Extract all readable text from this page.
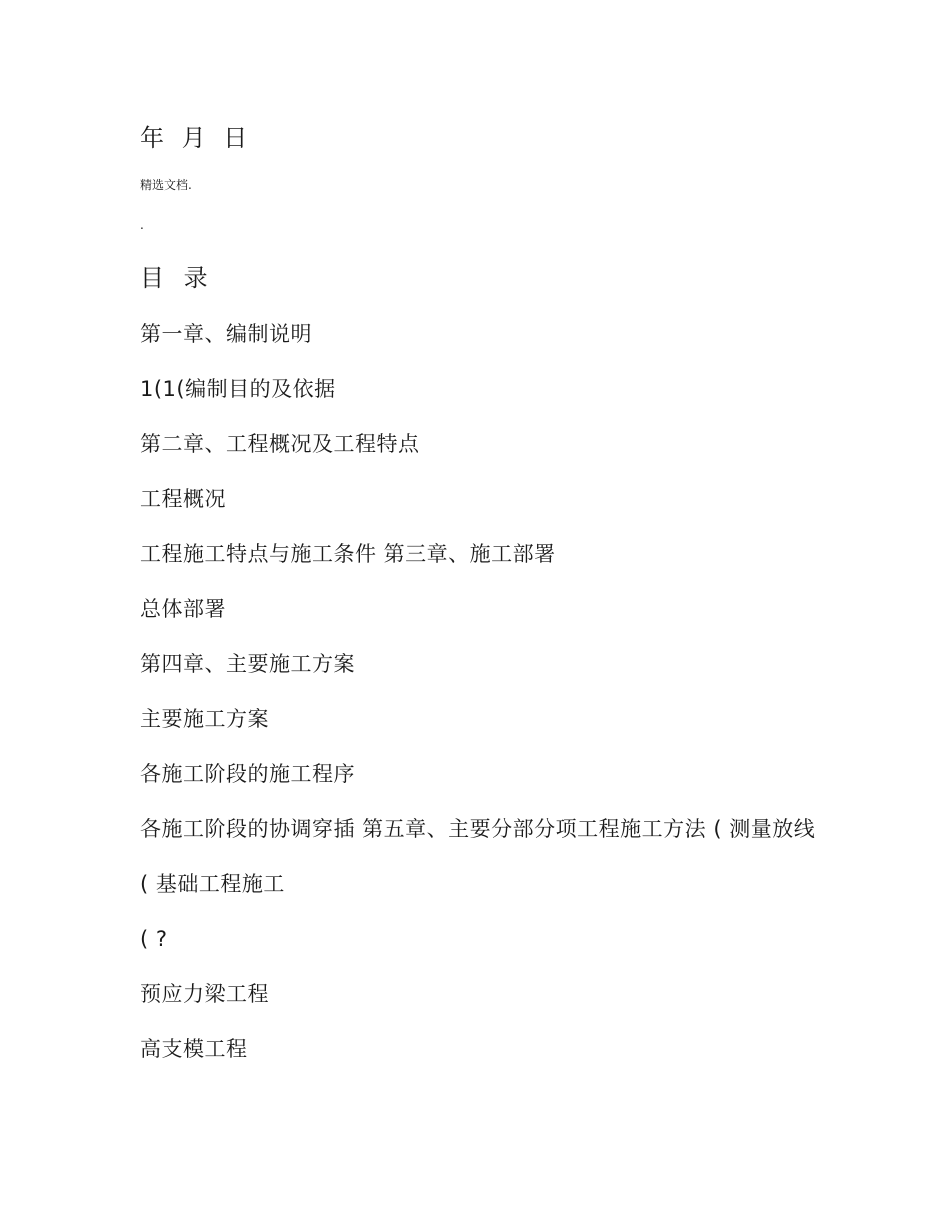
年 月 日
精选文档.
.
目 录
第一章、编制说明
1(1(编制目的及依据
第二章、工程概况及工程特点
工程概况
工程施工特点与施工条件 第三章、施工部署
总体部署
第四章、主要施工方案
主要施工方案
各施工阶段的施工程序
各施工阶段的协调穿插 第五章、主要分部分项工程施工方法 ( 测量放线
( 基础工程施工
( ?
预应力梁工程
高支模工程
